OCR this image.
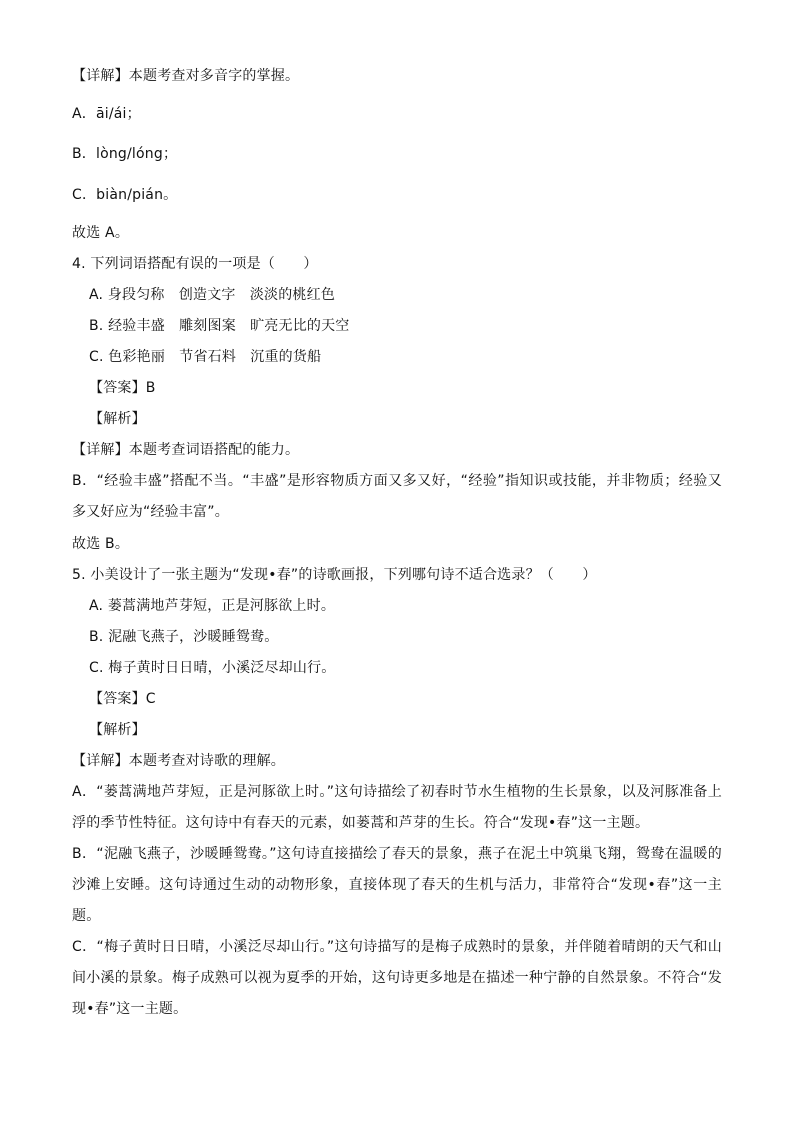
【详解】本题考查对多音字的掌握。
A．āi/ái；
B．lòng/lóng；
C．biàn/pián。
故选 A。
4. 下列词语搭配有误的一项是（　　）
A. 身段匀称　创造文字　淡淡的桃红色
B. 经验丰盛　雕刻图案　旷亮无比的天空
C. 色彩艳丽　节省石料　沉重的货船
【答案】B
【解析】
【详解】本题考查词语搭配的能力。
B．“经验丰盛”搭配不当。“丰盛”是形容物质方面又多又好，“经验”指知识或技能，并非物质；经验又多又好应为“经验丰富”。
故选 B。
5. 小美设计了一张主题为“发现•春”的诗歌画报，下列哪句诗不适合选录？（　　）
A. 蒌蒿满地芦芽短，正是河豚欲上时。
B. 泥融飞燕子，沙暖睡鸳鸯。
C. 梅子黄时日日晴，小溪泛尽却山行。
【答案】C
【解析】
【详解】本题考查对诗歌的理解。
A．“蒌蒿满地芦芽短，正是河豚欲上时。”这句诗描绘了初春时节水生植物的生长景象，以及河豚准备上浮的季节性特征。这句诗中有春天的元素，如蒌蒿和芦芽的生长。符合“发现•春”这一主题。
B．“泥融飞燕子，沙暖睡鸳鸯。”这句诗直接描绘了春天的景象，燕子在泥土中筑巢飞翔，鸳鸯在温暖的沙滩上安睡。这句诗通过生动的动物形象，直接体现了春天的生机与活力，非常符合“发现•春”这一主题。
C．“梅子黄时日日晴，小溪泛尽却山行。”这句诗描写的是梅子成熟时的景象，并伴随着晴朗的天气和山间小溪的景象。梅子成熟可以视为夏季的开始，这句诗更多地是在描述一种宁静的自然景象。不符合“发现•春”这一主题。
